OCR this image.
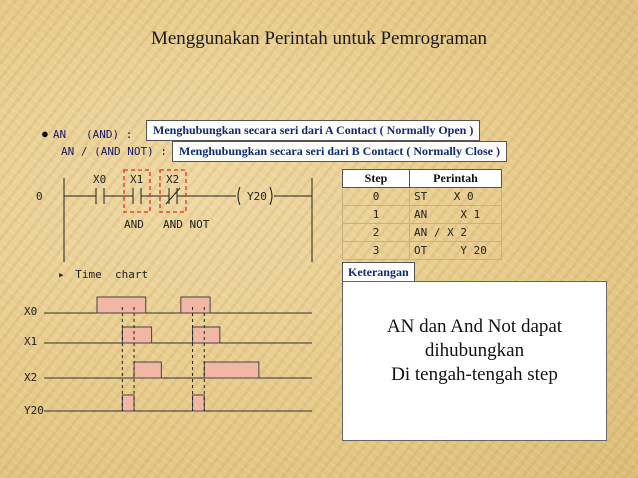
Menggunakan Perintah untuk Pemrograman
● AN   (AND) :	Menghubungkan secara seri dari A Contact ( Normally Open )
AN / (AND NOT) :	Menghubungkan secara seri dari B Contact ( Normally Close )
0
X0 X1 X2
Y20
AND AND NOT
Step	Perintah
0	ST    X 0
1	AN     X 1
2	AN / X 2
3	OT     Y 20
▸ Time  chart
X0
X1
X2
Y20
Keterangan
AN dan And Not dapat
dihubungkan
Di tengah-tengah step
